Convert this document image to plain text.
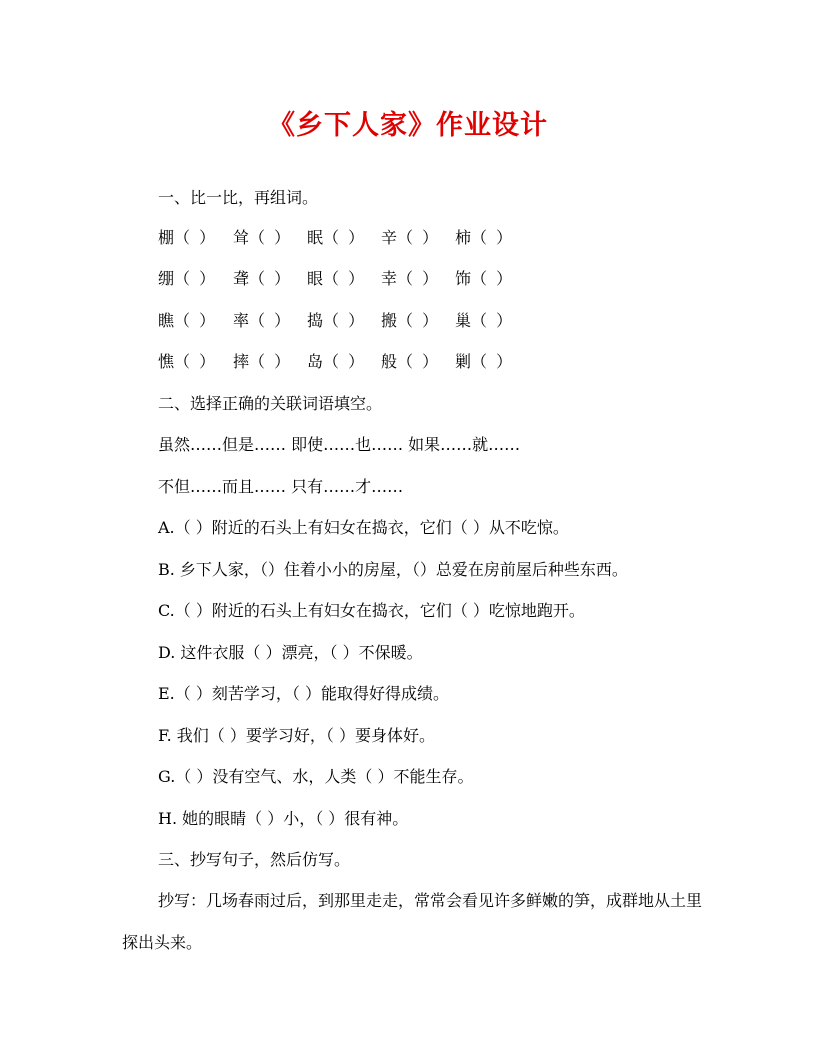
《乡下人家》作业设计
一、比一比，再组词。
棚（ ） 耸（ ） 眠（ ） 辛（ ） 柿（ ）
绷（ ） 聋（ ） 眼（ ） 幸（ ） 饰（ ）
瞧（ ） 率（ ） 捣（ ） 搬（ ） 巢（ ）
憔（ ） 摔（ ） 岛（ ） 般（ ） 剿（ ）
二、选择正确的关联词语填空。
虽然……但是…… 即使……也…… 如果……就……
不但……而且…… 只有……才……
A.（ ）附近的石头上有妇女在捣衣，它们（ ）从不吃惊。
B. 乡下人家，（）住着小小的房屋，（）总爱在房前屋后种些东西。
C.（ ）附近的石头上有妇女在捣衣，它们（ ）吃惊地跑开。
D. 这件衣服（ ）漂亮，（ ）不保暖。
E.（ ）刻苦学习，（ ）能取得好得成绩。
F. 我们（ ）要学习好，（ ）要身体好。
G.（ ）没有空气、水，人类（ ）不能生存。
H. 她的眼睛（ ）小，（ ）很有神。
三、抄写句子，然后仿写。
抄写：几场春雨过后，到那里走走，常常会看见许多鲜嫩的笋，成群地从土里探出头来。
